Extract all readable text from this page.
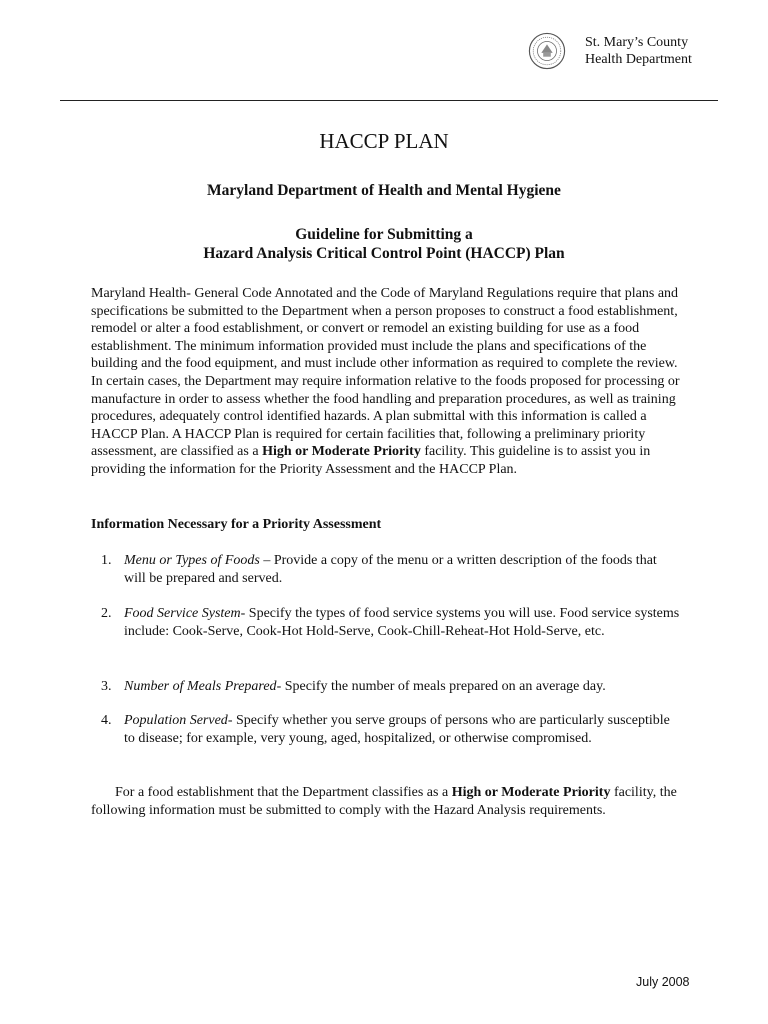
St. Mary’s County
Health Department
HACCP PLAN
Maryland Department of Health and Mental Hygiene
Guideline for Submitting a
Hazard Analysis Critical Control Point (HACCP) Plan
Maryland Health- General Code Annotated and the Code of Maryland Regulations require that plans and specifications be submitted to the Department when a person proposes to construct a food establishment, remodel or alter a food establishment, or convert or remodel an existing building for use as a food establishment. The minimum information provided must include the plans and specifications of the building and the food equipment, and must include other information as required to complete the review. In certain cases, the Department may require information relative to the foods proposed for processing or manufacture in order to assess whether the food handling and preparation procedures, as well as training procedures, adequately control identified hazards. A plan submittal with this information is called a HACCP Plan. A HACCP Plan is required for certain facilities that, following a preliminary priority assessment, are classified as a High or Moderate Priority facility. This guideline is to assist you in providing the information for the Priority Assessment and the HACCP Plan.
Information Necessary for a Priority Assessment
1. Menu or Types of Foods – Provide a copy of the menu or a written description of the foods that will be prepared and served.
2. Food Service System- Specify the types of food service systems you will use. Food service systems include: Cook-Serve, Cook-Hot Hold-Serve, Cook-Chill-Reheat-Hot Hold-Serve, etc.
3. Number of Meals Prepared- Specify the number of meals prepared on an average day.
4. Population Served- Specify whether you serve groups of persons who are particularly susceptible to disease; for example, very young, aged, hospitalized, or otherwise compromised.
For a food establishment that the Department classifies as a High or Moderate Priority facility, the following information must be submitted to comply with the Hazard Analysis requirements.
July 2008
